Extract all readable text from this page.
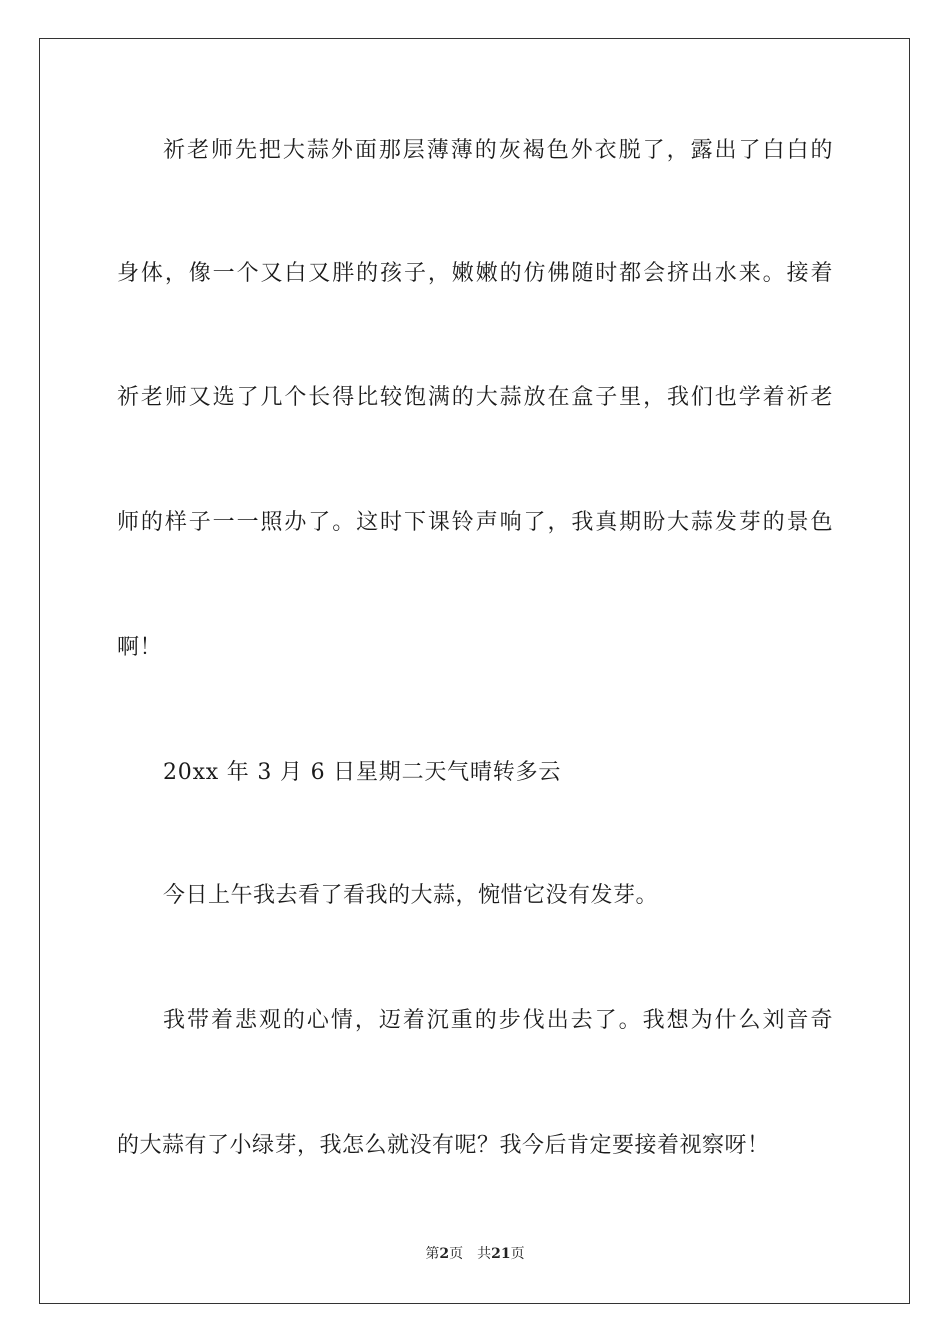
祈老师先把大蒜外面那层薄薄的灰褐色外衣脱了，露出了白白的
身体，像一个又白又胖的孩子，嫩嫩的仿佛随时都会挤出水来。接着
祈老师又选了几个长得比较饱满的大蒜放在盒子里，我们也学着祈老
师的样子一一照办了。这时下课铃声响了，我真期盼大蒜发芽的景色
啊！
20xx 年 3 月 6 日星期二天气晴转多云
今日上午我去看了看我的大蒜，惋惜它没有发芽。
我带着悲观的心情，迈着沉重的步伐出去了。我想为什么刘音奇
的大蒜有了小绿芽，我怎么就没有呢？我今后肯定要接着视察呀！
第2页 共21页
